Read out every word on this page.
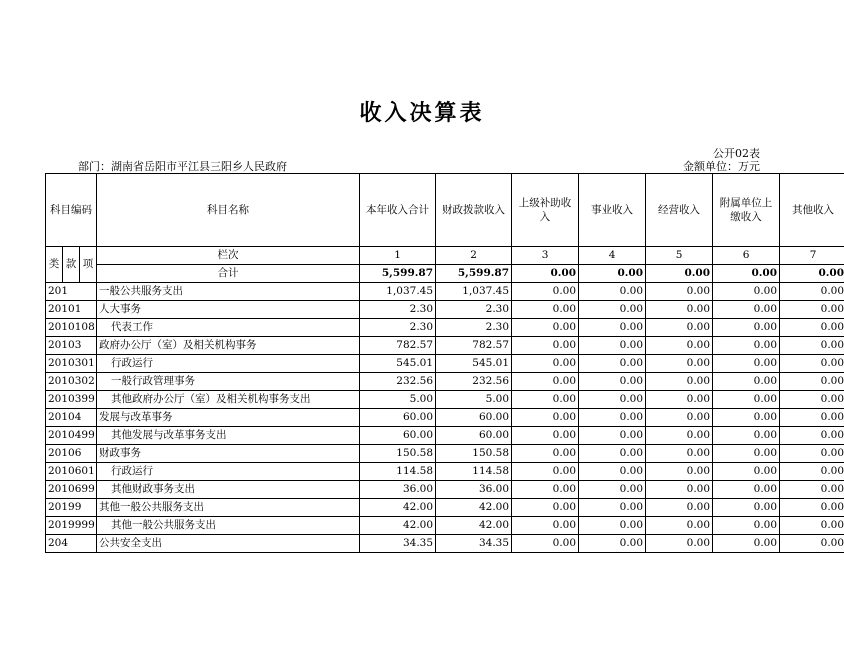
收入决算表
公开02表
部门：湖南省岳阳市平江县三阳乡人民政府	金额单位：万元
科目编码			科目名称	本年收入合计	财政拨款收入	上级补助收入	事业收入	经营收入	附属单位上缴收入	其他收入
类	款	项	栏次	1	2	3	4	5	6	7
			合计	5,599.87	5,599.87	0.00	0.00	0.00	0.00	0.00
201			一般公共服务支出	1,037.45	1,037.45	0.00	0.00	0.00	0.00	0.00
20101			人大事务	2.30	2.30	0.00	0.00	0.00	0.00	0.00
2010108			代表工作	2.30	2.30	0.00	0.00	0.00	0.00	0.00
20103			政府办公厅（室）及相关机构事务	782.57	782.57	0.00	0.00	0.00	0.00	0.00
2010301			行政运行	545.01	545.01	0.00	0.00	0.00	0.00	0.00
2010302			一般行政管理事务	232.56	232.56	0.00	0.00	0.00	0.00	0.00
2010399			其他政府办公厅（室）及相关机构事务支出	5.00	5.00	0.00	0.00	0.00	0.00	0.00
20104			发展与改革事务	60.00	60.00	0.00	0.00	0.00	0.00	0.00
2010499			其他发展与改革事务支出	60.00	60.00	0.00	0.00	0.00	0.00	0.00
20106			财政事务	150.58	150.58	0.00	0.00	0.00	0.00	0.00
2010601			行政运行	114.58	114.58	0.00	0.00	0.00	0.00	0.00
2010699			其他财政事务支出	36.00	36.00	0.00	0.00	0.00	0.00	0.00
20199			其他一般公共服务支出	42.00	42.00	0.00	0.00	0.00	0.00	0.00
2019999			其他一般公共服务支出	42.00	42.00	0.00	0.00	0.00	0.00	0.00
204			公共安全支出	34.35	34.35	0.00	0.00	0.00	0.00	0.00
